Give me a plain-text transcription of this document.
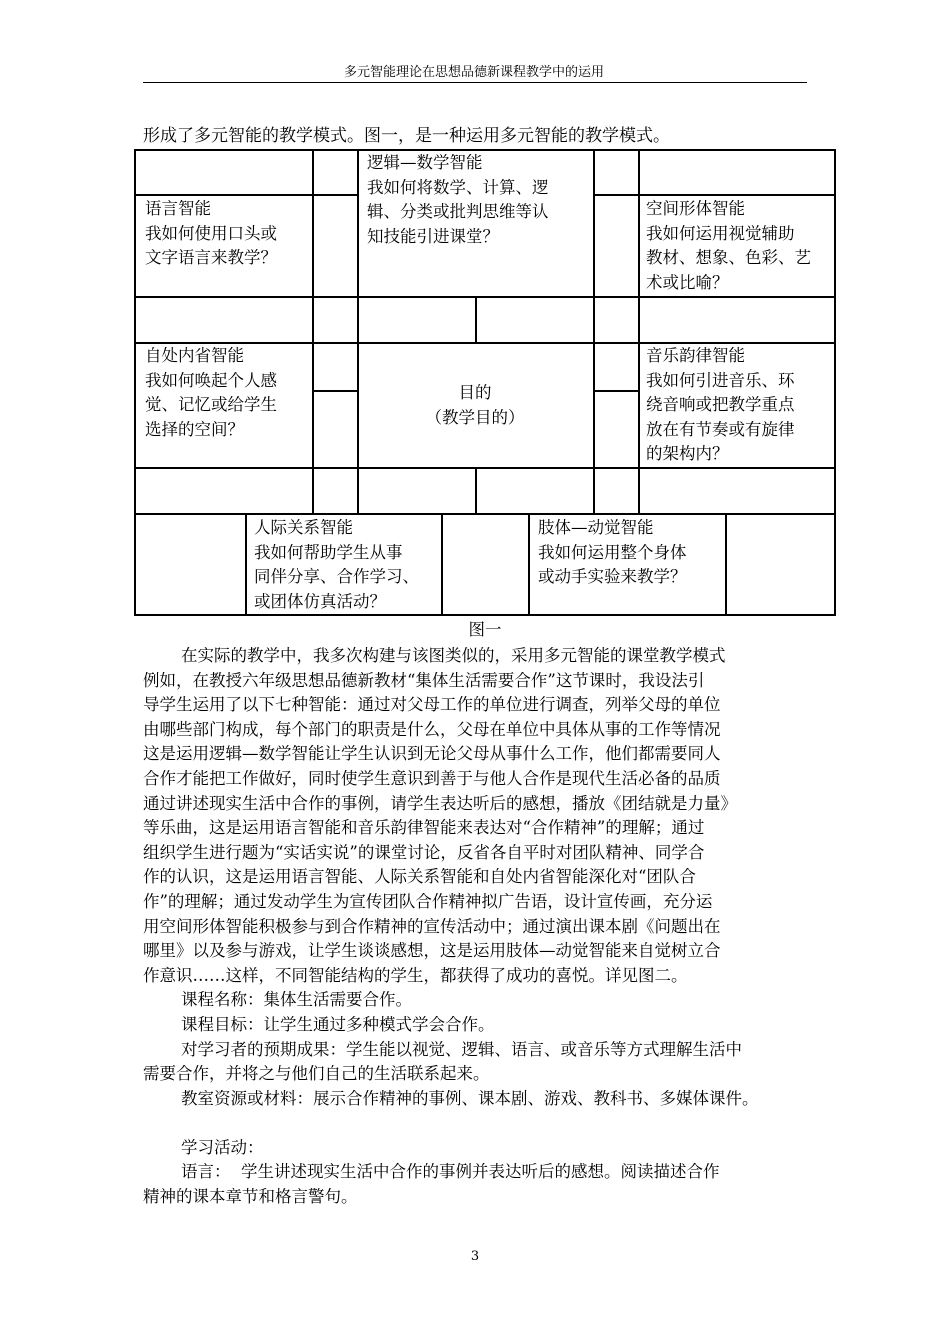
多元智能理论在思想品德新课程教学中的运用
形成了多元智能的教学模式。图一，是一种运用多元智能的教学模式。
逻辑—数学智能
我如何将数学、计算、逻
辑、分类或批判思维等认
知技能引进课堂？
语言智能
我如何使用口头或
文字语言来教学？
空间形体智能
我如何运用视觉辅助
教材、想象、色彩、艺
术或比喻？
自处内省智能
我如何唤起个人感
觉、记忆或给学生
选择的空间？
目的
（教学目的）
音乐韵律智能
我如何引进音乐、环
绕音响或把教学重点
放在有节奏或有旋律
的架构内？
人际关系智能
我如何帮助学生从事
同伴分享、合作学习、
或团体仿真活动？
肢体—动觉智能
我如何运用整个身体
或动手实验来教学？
图一

在实际的教学中，我多次构建与该图类似的，采用多元智能的课堂教学模式

例如，在教授六年级思想品德新教材“集体生活需要合作”这节课时，我设法引

导学生运用了以下七种智能：通过对父母工作的单位进行调查，列举父母的单位

由哪些部门构成，每个部门的职责是什么，父母在单位中具体从事的工作等情况

这是运用逻辑—数学智能让学生认识到无论父母从事什么工作，他们都需要同人

合作才能把工作做好，同时使学生意识到善于与他人合作是现代生活必备的品质

通过讲述现实生活中合作的事例，请学生表达听后的感想，播放《团结就是力量》

等乐曲，这是运用语言智能和音乐韵律智能来表达对“合作精神”的理解；通过

组织学生进行题为“实话实说”的课堂讨论，反省各自平时对团队精神、同学合

作的认识，这是运用语言智能、人际关系智能和自处内省智能深化对“团队合

作”的理解；通过发动学生为宣传团队合作精神拟广告语，设计宣传画，充分运

用空间形体智能积极参与到合作精神的宣传活动中；通过演出课本剧《问题出在

哪里》以及参与游戏，让学生谈谈感想，这是运用肢体—动觉智能来自觉树立合

作意识……这样，不同智能结构的学生，都获得了成功的喜悦。详见图二。

课程名称：集体生活需要合作。

课程目标：让学生通过多种模式学会合作。

对学习者的预期成果：学生能以视觉、逻辑、语言、或音乐等方式理解生活中

需要合作，并将之与他们自己的生活联系起来。

教室资源或材料：展示合作精神的事例、课本剧、游戏、教科书、多媒体课件。

学习活动：

语言：  学生讲述现实生活中合作的事例并表达听后的感想。阅读描述合作

精神的课本章节和格言警句。

3
